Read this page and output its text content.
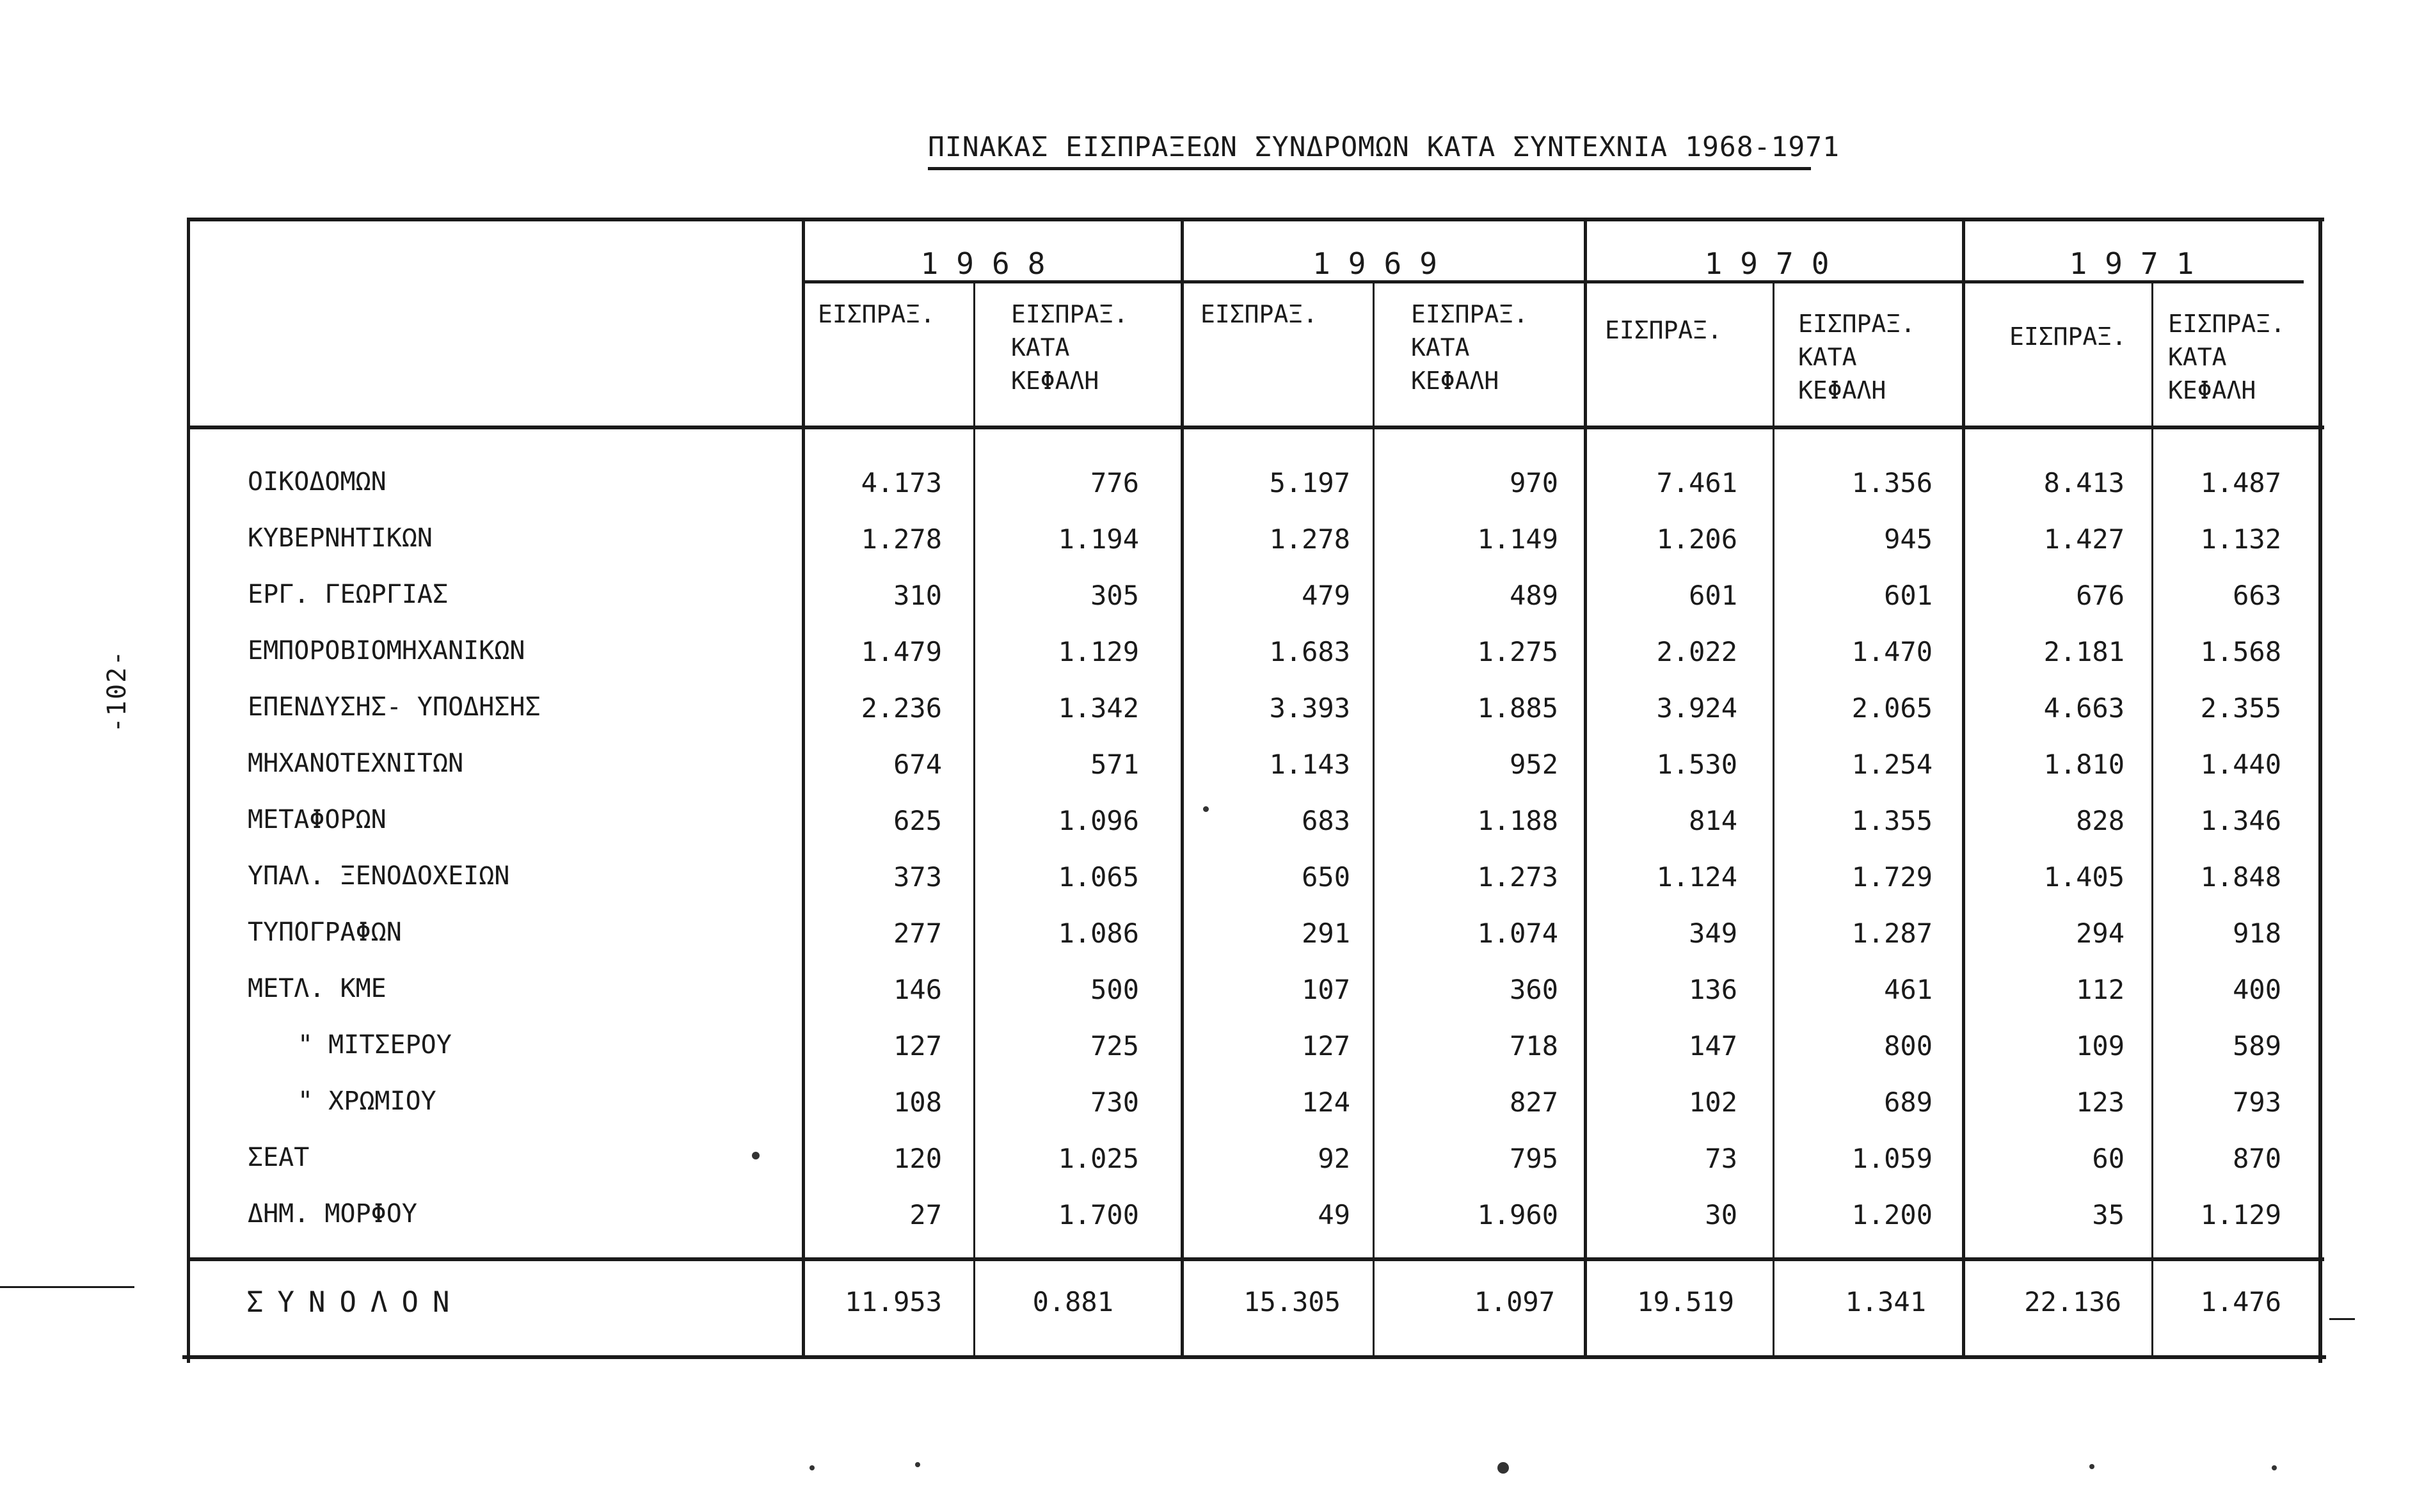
-102-
ΠΙΝΑΚΑΣ ΕΙΣΠΡΑΞΕΩΝ ΣΥΝΔΡΟΜΩΝ ΚΑΤΑ ΣΥΝΤΕΧΝΙΑ 1968-1971
1968	1969	1970	1971
ΕΙΣΠΡΑΞ.	ΕΙΣΠΡΑΞ.
ΚΑΤΑ
ΚΕΦΑΛΗ
ΕΙΣΠΡΑΞ.	ΕΙΣΠΡΑΞ.
ΚΑΤΑ
ΚΕΦΑΛΗ
ΕΙΣΠΡΑΞ.	ΕΙΣΠΡΑΞ.
ΚΑΤΑ
ΚΕΦΑΛΗ
ΕΙΣΠΡΑΞ. ΕΙΣΠΡΑΞ.
ΚΑΤΑ
ΚΕΦΑΛΗ
ΟΙΚΟΔΟΜΩΝ	4.173	776	5.197	970	7.461	1.356	8.413	1.487
ΚΥΒΕΡΝΗΤΙΚΩΝ	1.278	1.194	1.278	1.149	1.206	945	1.427	1.132
ΕΡΓ. ΓΕΩΡΓΙΑΣ	310	305	479	489	601	601	676	663
ΕΜΠΟΡΟΒΙΟΜΗΧΑΝΙΚΩΝ	1.479	1.129	1.683	1.275	2.022	1.470	2.181	1.568
ΕΠΕΝΔΥΣΗΣ- ΥΠΟΔΗΣΗΣ	2.236	1.342	3.393	1.885	3.924	2.065	4.663	2.355
ΜΗΧΑΝΟΤΕΧΝΙΤΩΝ	674	571	1.143	952	1.530	1.254	1.810	1.440
ΜΕΤΑΦΟΡΩΝ	625	1.096	683	1.188	814	1.355	828	1.346
ΥΠΑΛ. ΞΕΝΟΔΟΧΕΙΩΝ	373	1.065	650	1.273	1.124	1.729	1.405	1.848
ΤΥΠΟΓΡΑΦΩΝ	277	1.086	291	1.074	349	1.287	294	918
ΜΕΤΛ. ΚΜΕ	146	500	107	360	136	461	112	400
" ΜΙΤΣΕΡΟΥ	127	725	127	718	147	800	109	589
" ΧΡΩΜΙΟΥ	108	730	124	827	102	689	123	793
ΣΕΑΤ	120	1.025	92	795	73	1.059	60	870
ΔΗΜ. ΜΟΡΦΟΥ	27	1.700	49	1.960	30	1.200	35	1.129
ΣΥΝΟΛΟΝ	11.953	0.881	15.305	1.097	19.519	1.341	22.136	1.476
